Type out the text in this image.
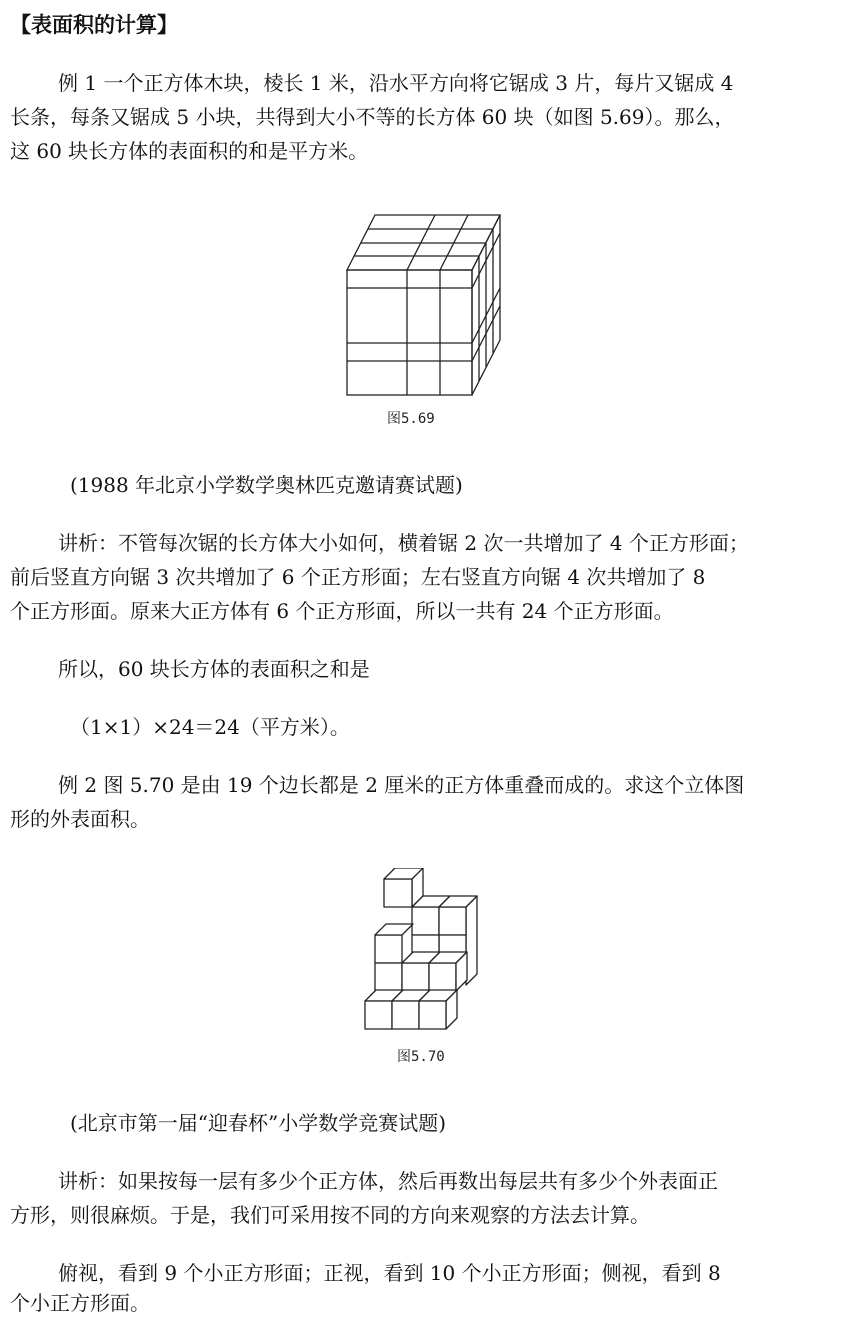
【表面积的计算】
例 1 一个正方体木块，棱长 1 米，沿水平方向将它锯成 3 片，每片又锯成 4
长条，每条又锯成 5 小块，共得到大小不等的长方体 60 块（如图 5.69）。那么，
这 60 块长方体的表面积的和是平方米。
图5.69
(1988 年北京小学数学奥林匹克邀请赛试题)
讲析：不管每次锯的长方体大小如何，横着锯 2 次一共增加了 4 个正方形面；
前后竖直方向锯 3 次共增加了 6 个正方形面；左右竖直方向锯 4 次共增加了 8
个正方形面。原来大正方体有 6 个正方形面，所以一共有 24 个正方形面。
所以，60 块长方体的表面积之和是
（1×1）×24＝24（平方米）。
例 2 图 5.70 是由 19 个边长都是 2 厘米的正方体重叠而成的。求这个立体图
形的外表面积。
图5.70
(北京市第一届“迎春杯”小学数学竞赛试题)
讲析：如果按每一层有多少个正方体，然后再数出每层共有多少个外表面正
方形，则很麻烦。于是，我们可采用按不同的方向来观察的方法去计算。
俯视，看到 9 个小正方形面；正视，看到 10 个小正方形面；侧视，看到 8
个小正方形面。
